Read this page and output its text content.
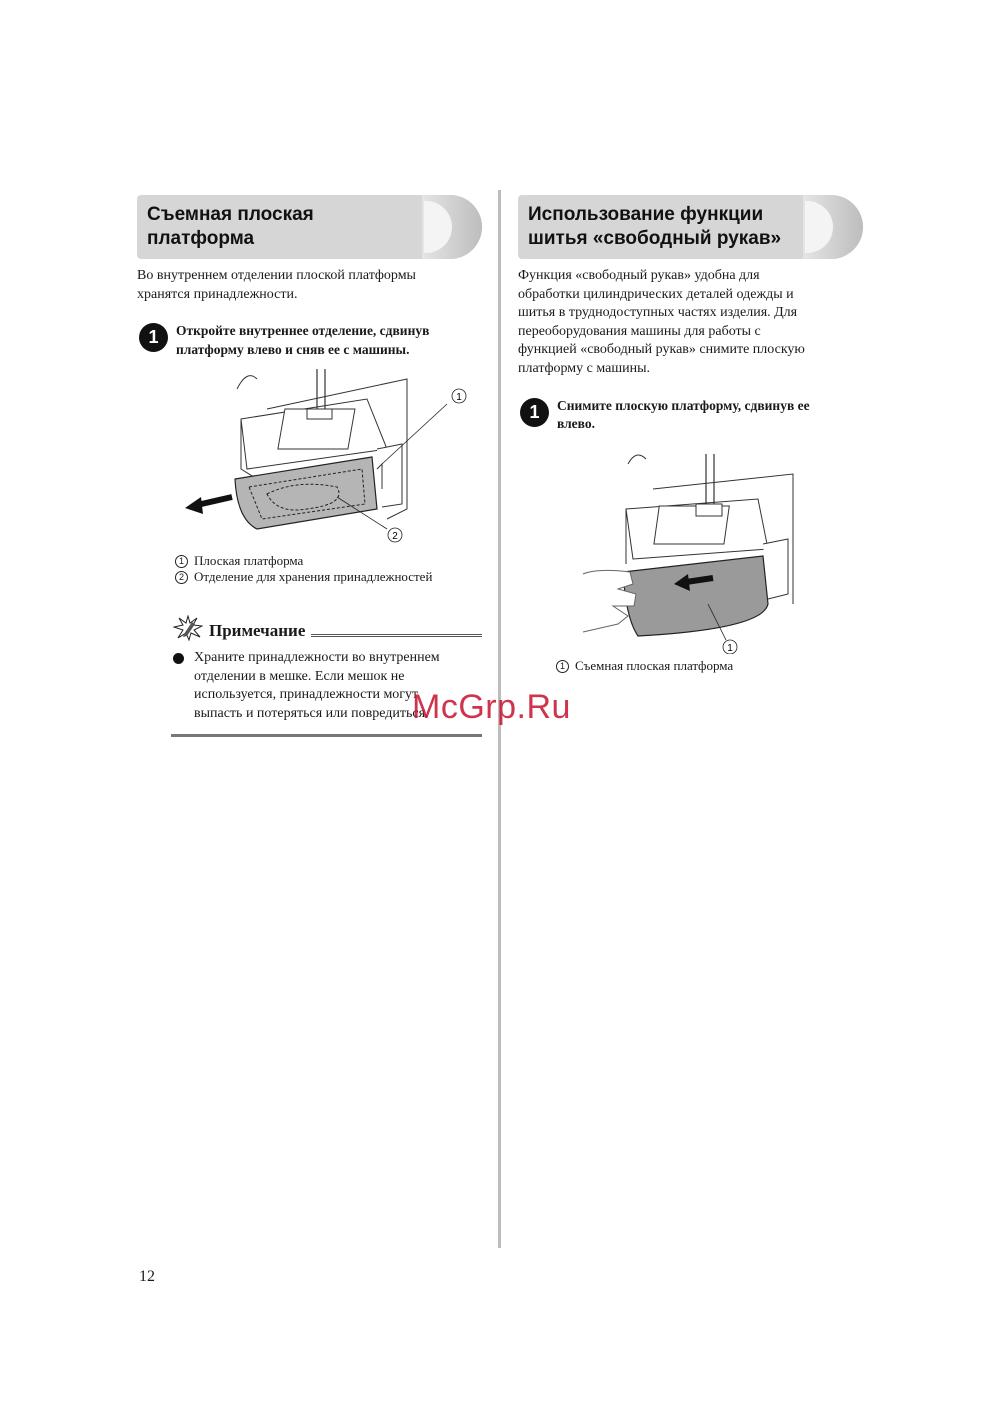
Съемная плоская
платформа
Во внутреннем отделении плоской платформы
хранятся принадлежности.
1	Откройте внутреннее отделение, сдвинув
платформу влево и сняв ее с машины.
1
2
1 Плоская платформа
2 Отделение для хранения принадлежностей
Примечание
Храните принадлежности во внутреннем
отделении в мешке. Если мешок не
используется, принадлежности могут
выпасть и потеряться или повредиться.
Использование функции
шитья «свободный рукав»
Функция «свободный рукав» удобна для
обработки цилиндрических деталей одежды и
шитья в труднодоступных частях изделия. Для
переоборудования машины для работы с
функцией «свободный рукав» снимите плоскую
платформу с машины.
1	Снимите плоскую платформу, сдвинув ее
влево.
1
1 Съемная плоская платформа
12
McGrp.Ru
